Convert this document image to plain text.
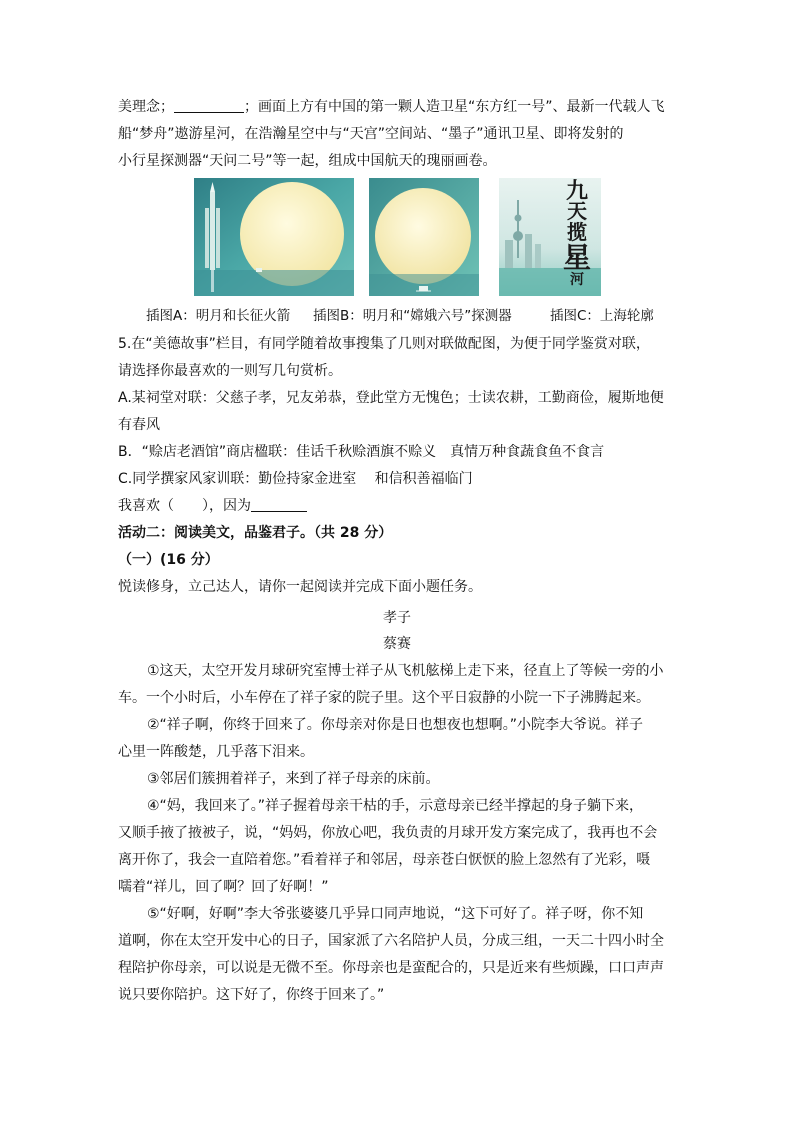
美理念；	；画面上方有中国的第一颗人造卫星“东方红一号”、最新一代载人飞
船“梦舟”遨游星河，在浩瀚星空中与“天宫”空间站、“墨子”通讯卫星、即将发射的
小行星探测器“天问二号”等一起，组成中国航天的瑰丽画卷。
九
天
揽
星
河
插图A：明月和长征火箭 插图B：明月和“嫦娥六号”探测器	插图C：上海轮廓
5.在“美德故事”栏目，有同学随着故事搜集了几则对联做配图，为便于同学鉴赏对联，
请选择你最喜欢的一则写几句赏析。
A.某祠堂对联：父慈子孝，兄友弟恭，登此堂方无愧色；士读农耕，工勤商俭，履斯地便
有春风
B．“赊店老酒馆”商店楹联：佳话千秋赊酒旗不赊义　真情万种食蔬食鱼不食言
C.同学撰家风家训联：勤俭持家金进室　 和信积善福临门
我喜欢（　　），因为
活动二：阅读美文，品鉴君子。（共 28 分）
（一）(16 分）
悦读修身，立己达人，请你一起阅读并完成下面小题任务。
孝子
蔡赛
①这天，太空开发月球研究室博士祥子从飞机舷梯上走下来，径直上了等候一旁的小
车。一个小时后，小车停在了祥子家的院子里。这个平日寂静的小院一下子沸腾起来。
②“祥子啊，你终于回来了。你母亲对你是日也想夜也想啊。”小院李大爷说。祥子
心里一阵酸楚，几乎落下泪来。
③邻居们簇拥着祥子，来到了祥子母亲的床前。
④“妈，我回来了。”祥子握着母亲干枯的手，示意母亲已经半撑起的身子躺下来，
又顺手掖了掖被子，说，“妈妈，你放心吧，我负责的月球开发方案完成了，我再也不会
离开你了，我会一直陪着您。”看着祥子和邻居，母亲苍白恹恹的脸上忽然有了光彩，嗫
嚅着“祥儿，回了啊？回了好啊！”
⑤“好啊，好啊”李大爷张婆婆几乎异口同声地说，“这下可好了。祥子呀，你不知
道啊，你在太空开发中心的日子，国家派了六名陪护人员，分成三组，一天二十四小时全
程陪护你母亲，可以说是无微不至。你母亲也是蛮配合的，只是近来有些烦躁，口口声声
说只要你陪护。这下好了，你终于回来了。”
